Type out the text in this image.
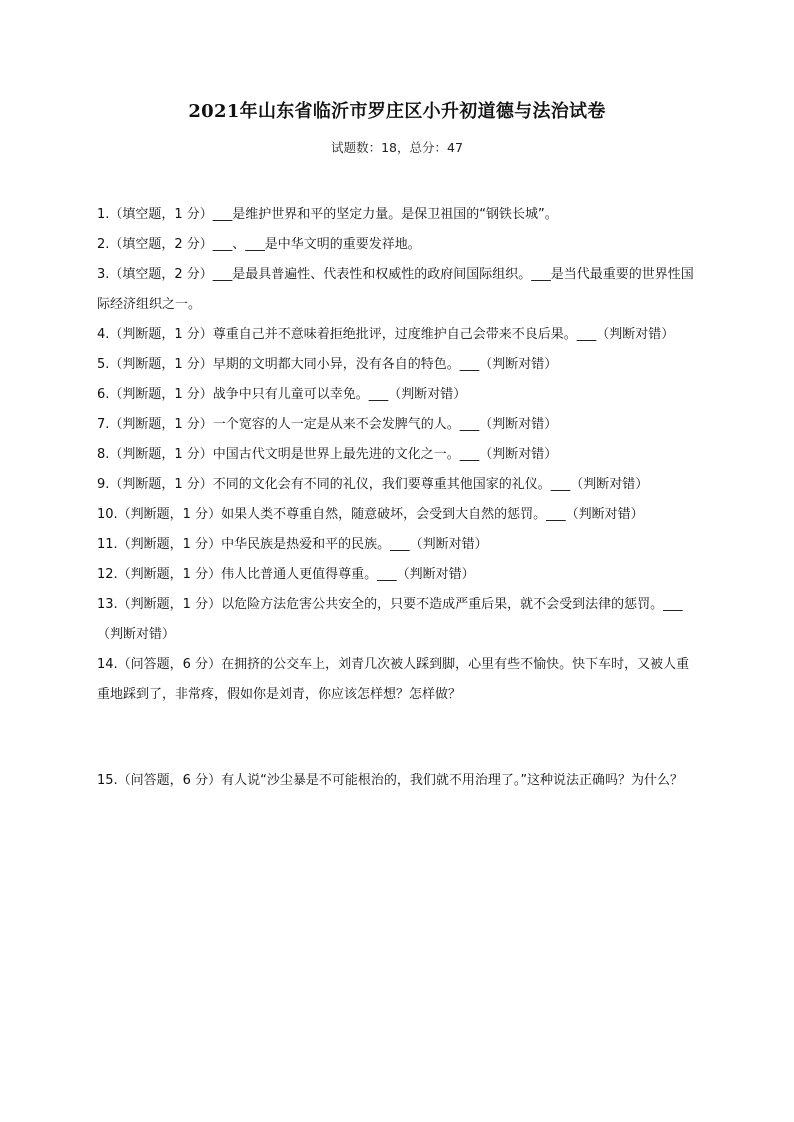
2021年山东省临沂市罗庄区小升初道德与法治试卷
试题数：18，总分：47

1.（填空题，1 分）___是维护世界和平的坚定力量。是保卫祖国的“钢铁长城”。

2.（填空题，2 分）___、___是中华文明的重要发祥地。

3.（填空题，2 分）___是最具普遍性、代表性和权威性的政府间国际组织。___是当代最重要的世界性国际经济组织之一。

4.（判断题，1 分）尊重自己并不意味着拒绝批评，过度维护自己会带来不良后果。___（判断对错）

5.（判断题，1 分）早期的文明都大同小异，没有各自的特色。___（判断对错）

6.（判断题，1 分）战争中只有儿童可以幸免。___（判断对错）

7.（判断题，1 分）一个宽容的人一定是从来不会发脾气的人。___（判断对错）

8.（判断题，1 分）中国古代文明是世界上最先进的文化之一。___（判断对错）

9.（判断题，1 分）不同的文化会有不同的礼仪，我们要尊重其他国家的礼仪。___（判断对错）

10.（判断题，1 分）如果人类不尊重自然，随意破坏，会受到大自然的惩罚。___（判断对错）

11.（判断题，1 分）中华民族是热爱和平的民族。___（判断对错）

12.（判断题，1 分）伟人比普通人更值得尊重。___（判断对错）

13.（判断题，1 分）以危险方法危害公共安全的，只要不造成严重后果，就不会受到法律的惩罚。___（判断对错）

14.（问答题，6 分）在拥挤的公交车上，刘青几次被人踩到脚，心里有些不愉快。快下车时，又被人重重地踩到了，非常疼，假如你是刘青，你应该怎样想？怎样做？

15.（问答题，6 分）有人说“沙尘暴是不可能根治的，我们就不用治理了。”这种说法正确吗？为什么？
